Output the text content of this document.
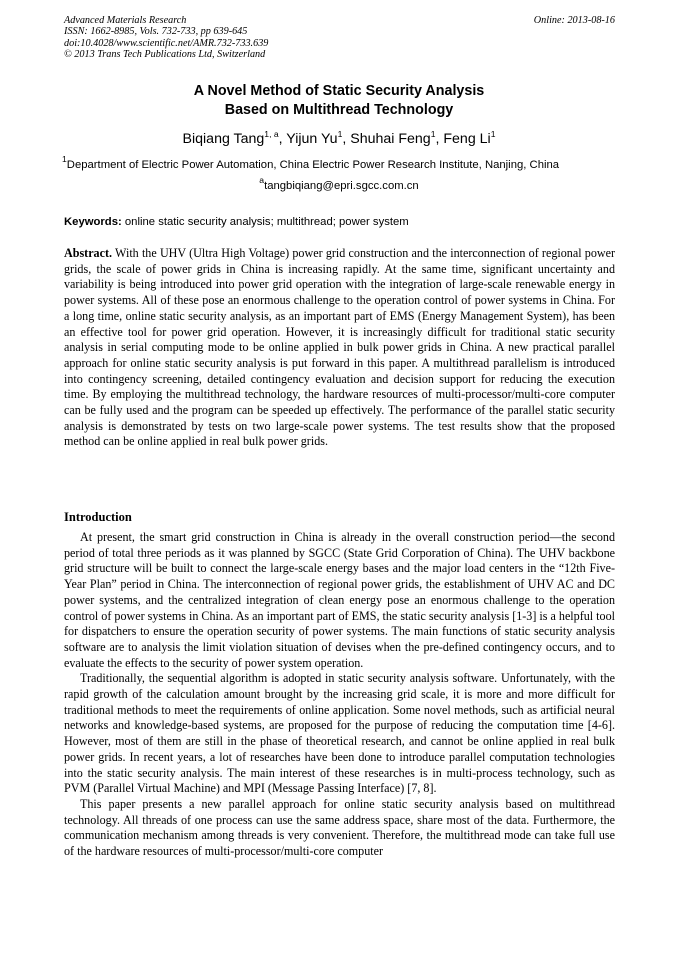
Advanced Materials Research
ISSN: 1662-8985, Vols. 732-733, pp 639-645
doi:10.4028/www.scientific.net/AMR.732-733.639
© 2013 Trans Tech Publications Ltd, Switzerland
Online: 2013-08-16
A Novel Method of Static Security Analysis
Based on Multithread Technology
Biqiang Tang$^{1, a}$, Yijun Yu$^1$, Shuhai Feng$^1$, Feng Li$^1$
$^1$Department of Electric Power Automation, China Electric Power Research Institute, Nanjing, China
$^a$tangbiqiang@epri.sgcc.com.cn
Keywords: online static security analysis; multithread; power system
Abstract. With the UHV (Ultra High Voltage) power grid construction and the interconnection of regional power grids, the scale of power grids in China is increasing rapidly. At the same time, significant uncertainty and variability is being introduced into power grid operation with the integration of large-scale renewable energy in power systems. All of these pose an enormous challenge to the operation control of power systems in China. For a long time, online static security analysis, as an important part of EMS (Energy Management System), has been an effective tool for power grid operation. However, it is increasingly difficult for traditional static security analysis in serial computing mode to be online applied in bulk power grids in China. A new practical parallel approach for online static security analysis is put forward in this paper. A multithread parallelism is introduced into contingency screening, detailed contingency evaluation and decision support for reducing the execution time. By employing the multithread technology, the hardware resources of multi-processor/multi-core computer can be fully used and the program can be speeded up effectively. The performance of the parallel static security analysis is demonstrated by tests on two large-scale power systems. The test results show that the proposed method can be online applied in real bulk power grids.
Introduction

At present, the smart grid construction in China is already in the overall construction period—the second period of total three periods as it was planned by SGCC (State Grid Corporation of China). The UHV backbone grid structure will be built to connect the large-scale energy bases and the major load centers in the “12th Five-Year Plan” period in China. The interconnection of regional power grids, the establishment of UHV AC and DC power systems, and the centralized integration of clean energy pose an enormous challenge to the operation control of power systems in China. As an important part of EMS, the static security analysis [1-3] is a helpful tool for dispatchers to ensure the operation security of power systems. The main functions of static security analysis software are to analysis the limit violation situation of devises when the pre-defined contingency occurs, and to evaluate the effects to the security of power system operation.

Traditionally, the sequential algorithm is adopted in static security analysis software. Unfortunately, with the rapid growth of the calculation amount brought by the increasing grid scale, it is more and more difficult for traditional methods to meet the requirements of online application. Some novel methods, such as artificial neural networks and knowledge-based systems, are proposed for the purpose of reducing the computation time [4-6]. However, most of them are still in the phase of theoretical research, and cannot be online applied in real bulk power grids. In recent years, a lot of researches have been done to introduce parallel computation technologies into the static security analysis. The main interest of these researches is in multi-process technology, such as PVM (Parallel Virtual Machine) and MPI (Message Passing Interface) [7, 8].

This paper presents a new parallel approach for online static security analysis based on multithread technology. All threads of one process can use the same address space, share most of the data. Furthermore, the communication mechanism among threads is very convenient. Therefore, the multithread mode can take full use of the hardware resources of multi-processor/multi-core computer
